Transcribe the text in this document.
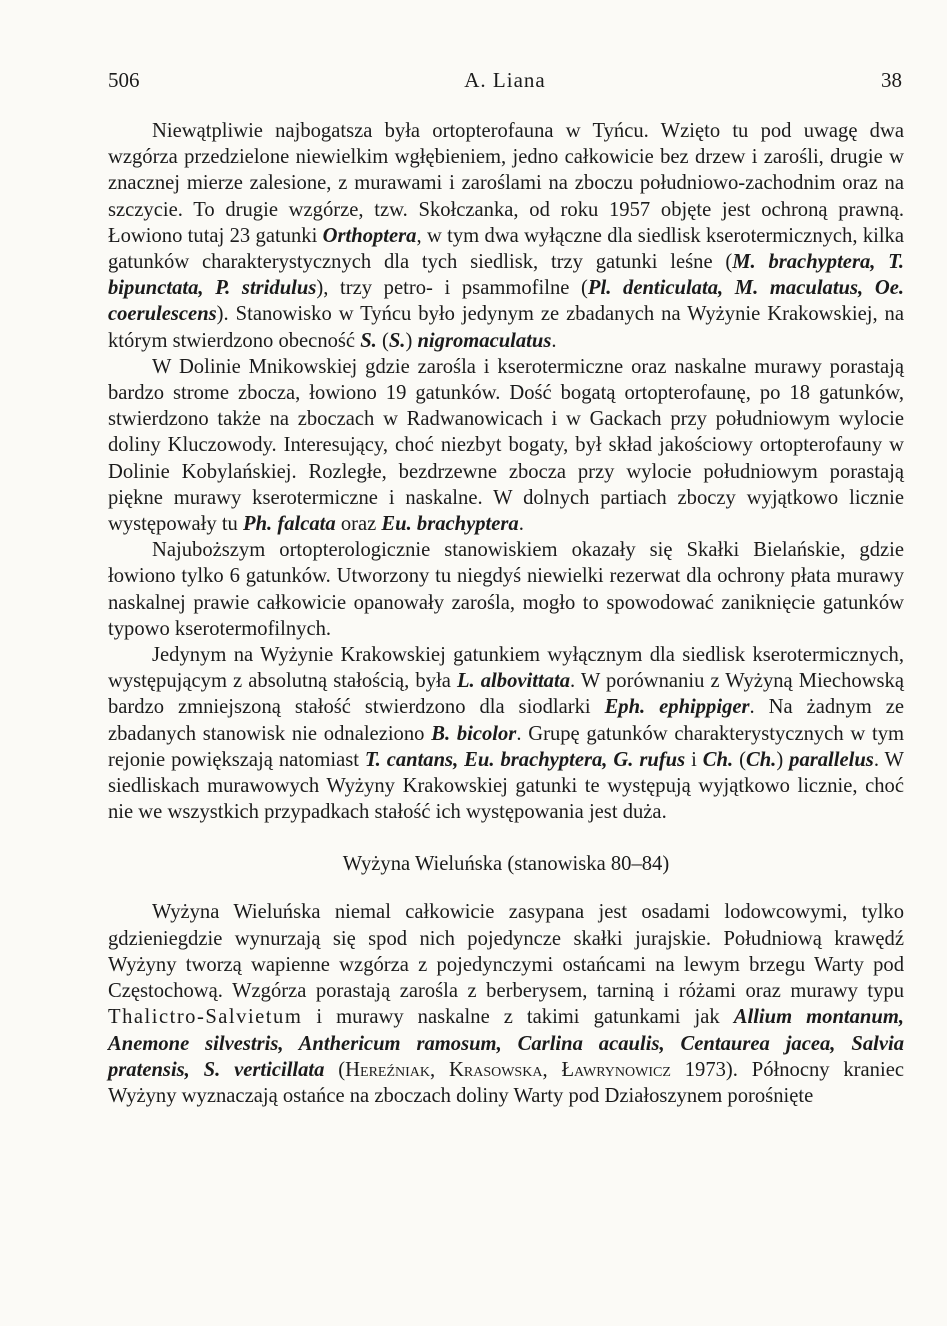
506	A. Liana	38

Niewątpliwie najbogatsza była ortopterofauna w Tyńcu. Wzięto tu pod uwagę dwa wzgórza przedzielone niewielkim wgłębieniem, jedno całkowicie bez drzew i zarośli, drugie w znacznej mierze zalesione, z murawami i zaroślami na zboczu południowo-zachodnim oraz na szczycie. To drugie wzgórze, tzw. Skołczanka, od roku 1957 objęte jest ochroną prawną. Łowiono tutaj 23 gatunki Orthoptera, w tym dwa wyłączne dla siedlisk kserotermicznych, kilka gatunków charakterystycznych dla tych siedlisk, trzy gatunki leśne (M. brachyptera, T. bipunctata, P. stridulus), trzy petro- i psammofilne (Pl. denticulata, M. maculatus, Oe. coerulescens). Stanowisko w Tyńcu było jedynym ze zbadanych na Wyżynie Krakowskiej, na którym stwierdzono obecność S. (S.) nigromaculatus.

W Dolinie Mnikowskiej gdzie zarośla i kserotermiczne oraz naskalne murawy porastają bardzo strome zbocza, łowiono 19 gatunków. Dość bogatą ortopterofaunę, po 18 gatunków, stwierdzono także na zboczach w Radwanowicach i w Gackach przy południowym wylocie doliny Kluczowody. Interesujący, choć niezbyt bogaty, był skład jakościowy ortopterofauny w Dolinie Kobylańskiej. Rozległe, bezdrzewne zbocza przy wylocie południowym porastają piękne murawy kserotermiczne i naskalne. W dolnych partiach zboczy wyjątkowo licznie występowały tu Ph. falcata oraz Eu. brachyptera.

Najuboższym ortopterologicznie stanowiskiem okazały się Skałki Bielańskie, gdzie łowiono tylko 6 gatunków. Utworzony tu niegdyś niewielki rezerwat dla ochrony płata murawy naskalnej prawie całkowicie opanowały zarośla, mogło to spowodować zaniknięcie gatunków typowo kserotermofilnych.

Jedynym na Wyżynie Krakowskiej gatunkiem wyłącznym dla siedlisk kserotermicznych, występującym z absolutną stałością, była L. albovittata. W porównaniu z Wyżyną Miechowską bardzo zmniejszoną stałość stwierdzono dla siodlarki Eph. ephippiger. Na żadnym ze zbadanych stanowisk nie odnaleziono B. bicolor. Grupę gatunków charakterystycznych w tym rejonie powiększają natomiast T. cantans, Eu. brachyptera, G. rufus i Ch. (Ch.) parallelus. W siedliskach murawowych Wyżyny Krakowskiej gatunki te występują wyjątkowo licznie, choć nie we wszystkich przypadkach stałość ich występowania jest duża.

Wyżyna Wieluńska (stanowiska 80–84)

Wyżyna Wieluńska niemal całkowicie zasypana jest osadami lodowcowymi, tylko gdzieniegdzie wynurzają się spod nich pojedyncze skałki jurajskie. Południową krawędź Wyżyny tworzą wapienne wzgórza z pojedynczymi ostańcami na lewym brzegu Warty pod Częstochową. Wzgórza porastają zarośla z berberysem, tarniną i różami oraz murawy typu Thalictro-Salvietum i murawy naskalne z takimi gatunkami jak Allium montanum, Anemone silvestris, Anthericum ramosum, Carlina acaulis, Centaurea jacea, Salvia pratensis, S. verticillata (Hereźniak, Krasowska, Ławrynowicz 1973). Północny kraniec Wyżyny wyznaczają ostańce na zboczach doliny Warty pod Działoszynem porośnięte
